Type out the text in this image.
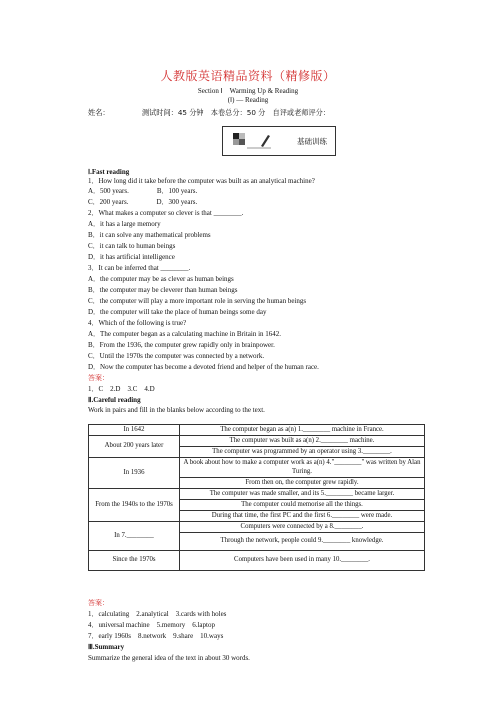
人教版英语精品资料（精修版）
Section Ⅰ　Warming Up & Reading
(Ⅰ) — Reading
姓名：	测试时间：45 分钟　本卷总分：50 分　自评或老师评分：
基础训练
Ⅰ.Fast reading
1．How long did it take before the computer was built as an analytical machine?
A．500 years.　　　　B．100 years.
C．200 years.　　　　D．300 years.
2．What makes a computer so clever is that ________.
A．it has a large memory
B．it can solve any mathematical problems
C．it can talk to human beings
D．it has artificial intelligence
3．It can be inferred that ________.
A．the computer may be as clever as human beings
B．the computer may be cleverer than human beings
C．the computer will play a more important role in serving the human beings
D．the computer will take the place of human beings some day
4．Which of the following is true?
A．The computer began as a calculating machine in Britain in 1642.
B．From the 1936, the computer grew rapidly only in brainpower.
C．Until the 1970s the computer was connected by a network.
D．Now the computer has become a devoted friend and helper of the human race.
答案：
1．C　2.D　3.C　4.D
Ⅱ.Careful reading
Work in pairs and fill in the blanks below according to the text.
In 1642	The computer began as a(n) 1.________ machine in France.
About 200 years later	The computer was built as a(n) 2.________ machine.
	The computer was programmed by an operator using 3.________.
In 1936	A book about how to make a computer work as a(n) 4."________" was written by Alan Turing.
	From then on, the computer grew rapidly.
From the 1940s to the 1970s	The computer was made smaller, and its 5.________ became larger.
	The computer could memorise all the things.
	During that time, the first PC and the first 6.________ were made.
In 7.________	Computers were connected by a 8.________.
	Through the network, people could 9.________ knowledge.
Since the 1970s	Computers have been used in many 10.________.
答案：
1．calculating　2.analytical　3.cards with holes
4．universal machine　5.memory　6.laptop
7．early 1960s　8.network　9.share　10.ways
Ⅲ.Summary
Summarize the general idea of the text in about 30 words.
